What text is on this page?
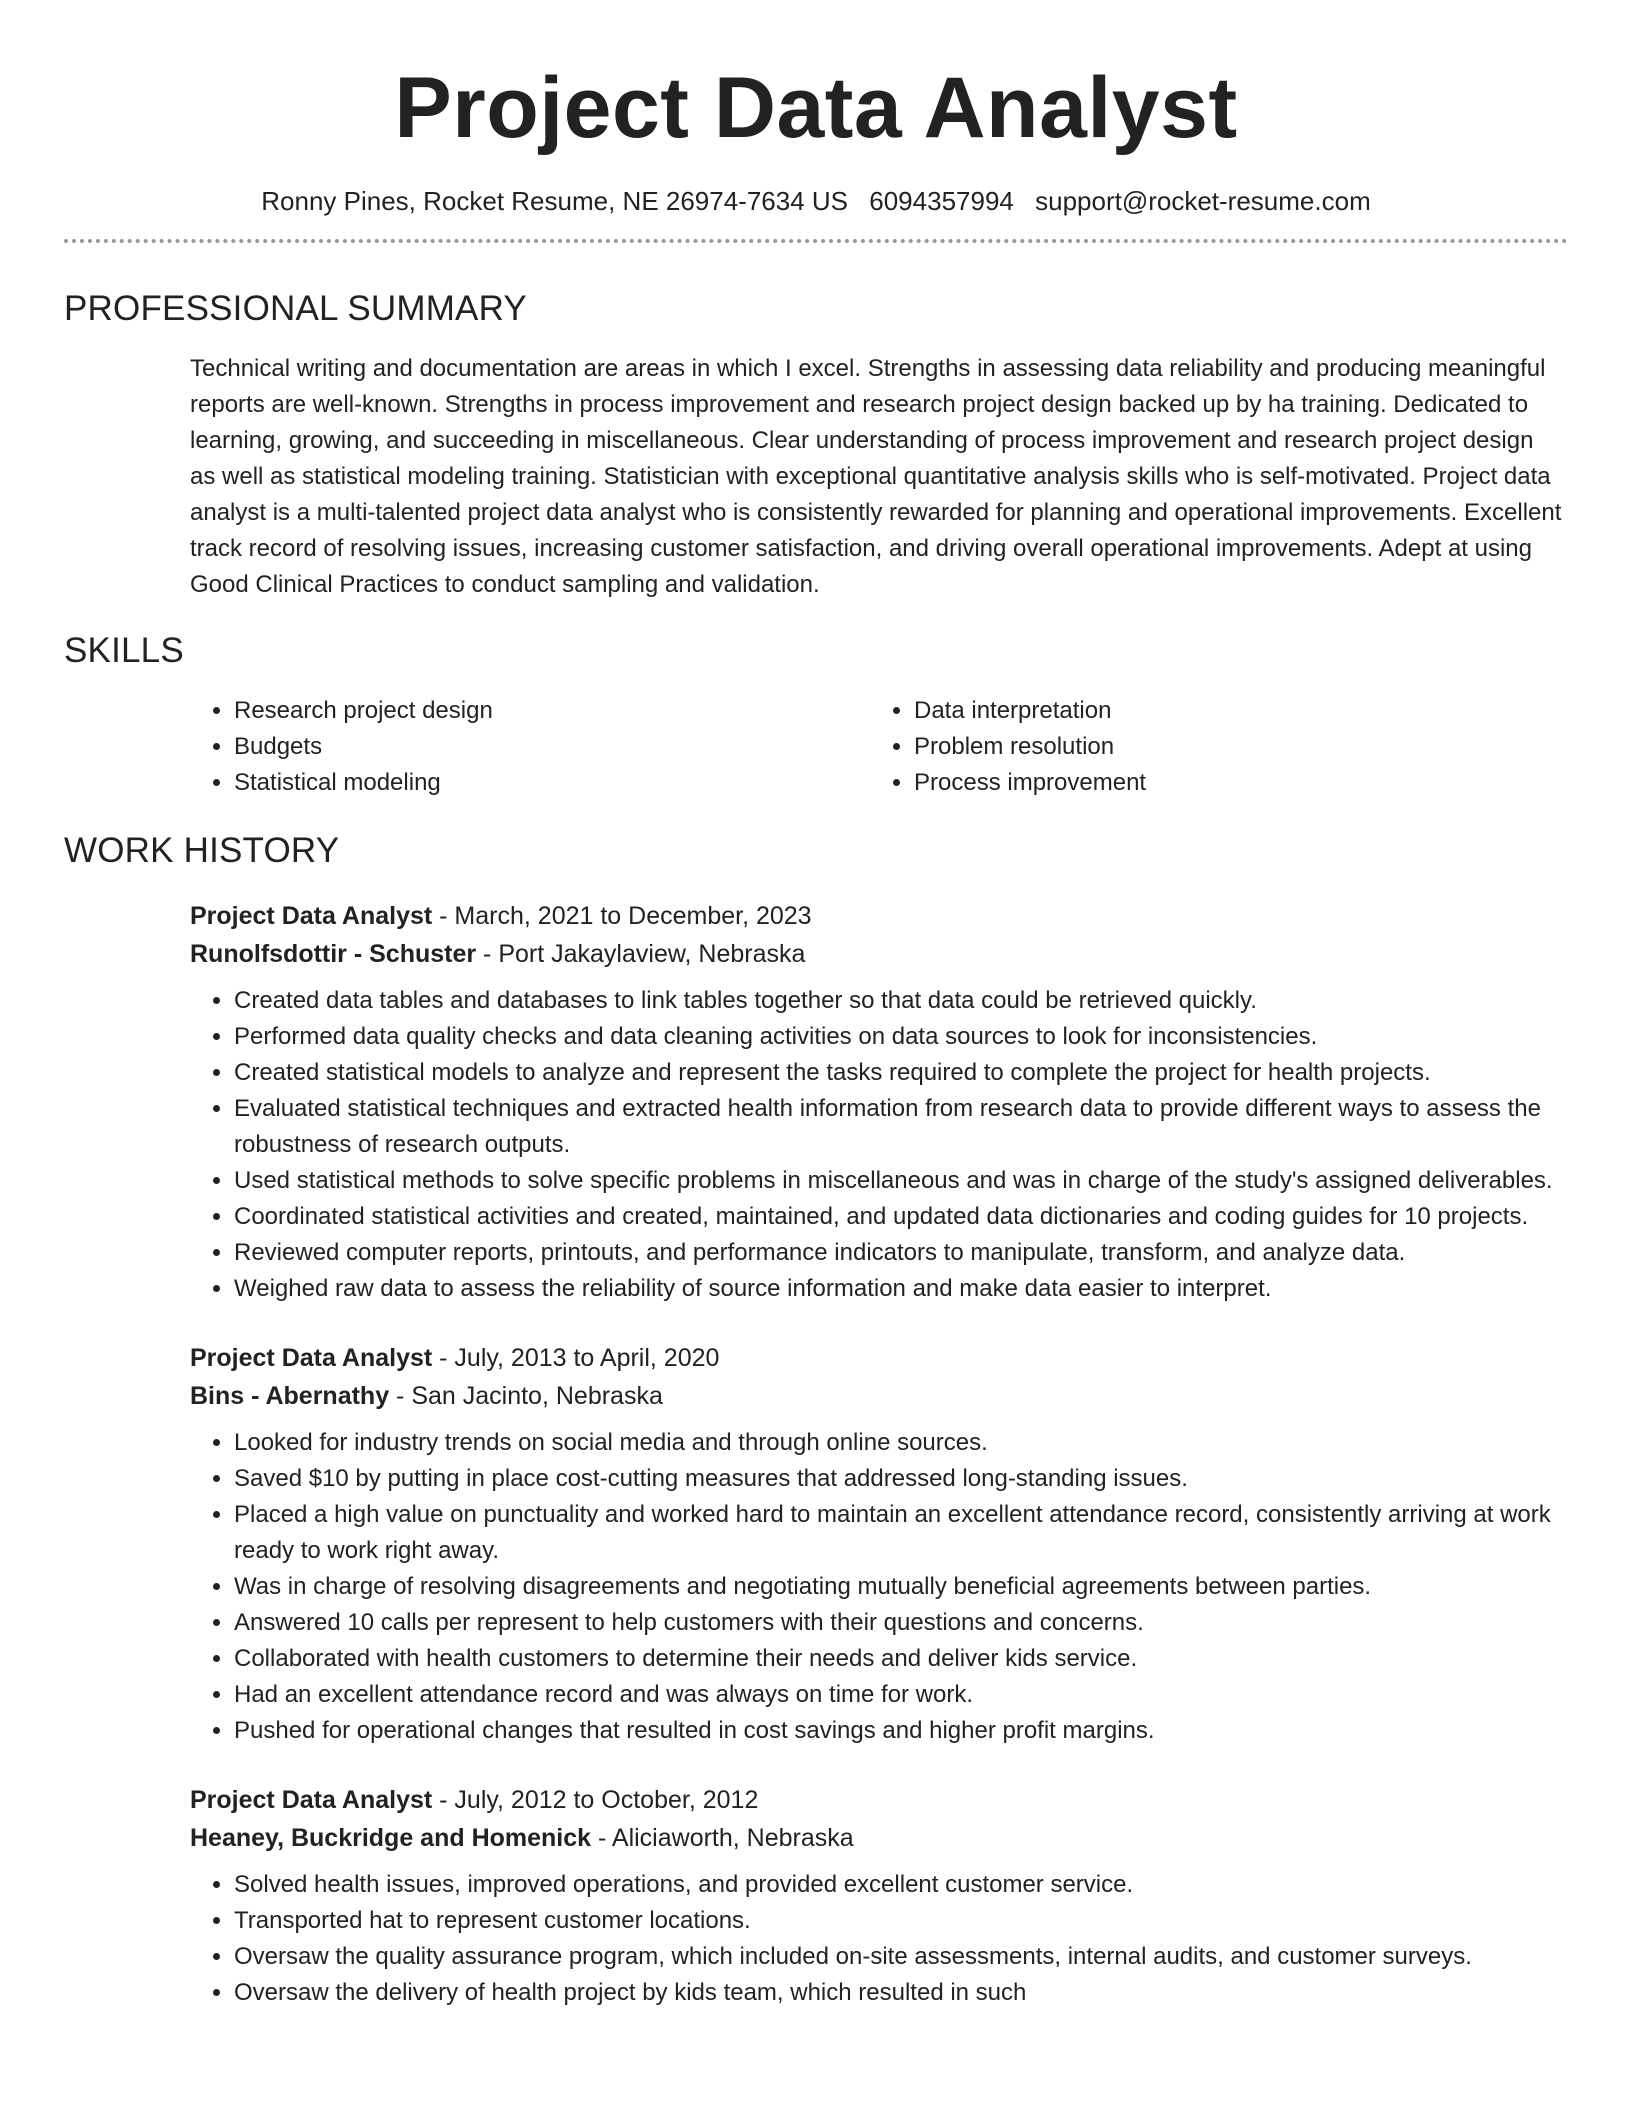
Project Data Analyst
Ronny Pines, Rocket Resume, NE 26974-7634 US 6094357994 support@rocket-resume.com
PROFESSIONAL SUMMARY
Technical writing and documentation are areas in which I excel. Strengths in assessing data reliability and producing meaningful reports are well-known. Strengths in process improvement and research project design backed up by ha training. Dedicated to learning, growing, and succeeding in miscellaneous. Clear understanding of process improvement and research project design as well as statistical modeling training. Statistician with exceptional quantitative analysis skills who is self-motivated. Project data analyst is a multi-talented project data analyst who is consistently rewarded for planning and operational improvements. Excellent track record of resolving issues, increasing customer satisfaction, and driving overall operational improvements. Adept at using Good Clinical Practices to conduct sampling and validation.
SKILLS
• Research project design
• Budgets
• Statistical modeling
• Data interpretation
• Problem resolution
• Process improvement
WORK HISTORY
Project Data Analyst - March, 2021 to December, 2023
Runolfsdottir - Schuster - Port Jakaylaview, Nebraska
• Created data tables and databases to link tables together so that data could be retrieved quickly.
• Performed data quality checks and data cleaning activities on data sources to look for inconsistencies.
• Created statistical models to analyze and represent the tasks required to complete the project for health projects.
• Evaluated statistical techniques and extracted health information from research data to provide different ways to assess the robustness of research outputs.
• Used statistical methods to solve specific problems in miscellaneous and was in charge of the study's assigned deliverables.
• Coordinated statistical activities and created, maintained, and updated data dictionaries and coding guides for 10 projects.
• Reviewed computer reports, printouts, and performance indicators to manipulate, transform, and analyze data.
• Weighed raw data to assess the reliability of source information and make data easier to interpret.
Project Data Analyst - July, 2013 to April, 2020
Bins - Abernathy - San Jacinto, Nebraska
• Looked for industry trends on social media and through online sources.
• Saved $10 by putting in place cost-cutting measures that addressed long-standing issues.
• Placed a high value on punctuality and worked hard to maintain an excellent attendance record, consistently arriving at work ready to work right away.
• Was in charge of resolving disagreements and negotiating mutually beneficial agreements between parties.
• Answered 10 calls per represent to help customers with their questions and concerns.
• Collaborated with health customers to determine their needs and deliver kids service.
• Had an excellent attendance record and was always on time for work.
• Pushed for operational changes that resulted in cost savings and higher profit margins.
Project Data Analyst - July, 2012 to October, 2012
Heaney, Buckridge and Homenick - Aliciaworth, Nebraska
• Solved health issues, improved operations, and provided excellent customer service.
• Transported hat to represent customer locations.
• Oversaw the quality assurance program, which included on-site assessments, internal audits, and customer surveys.
• Oversaw the delivery of health project by kids team, which resulted in such
